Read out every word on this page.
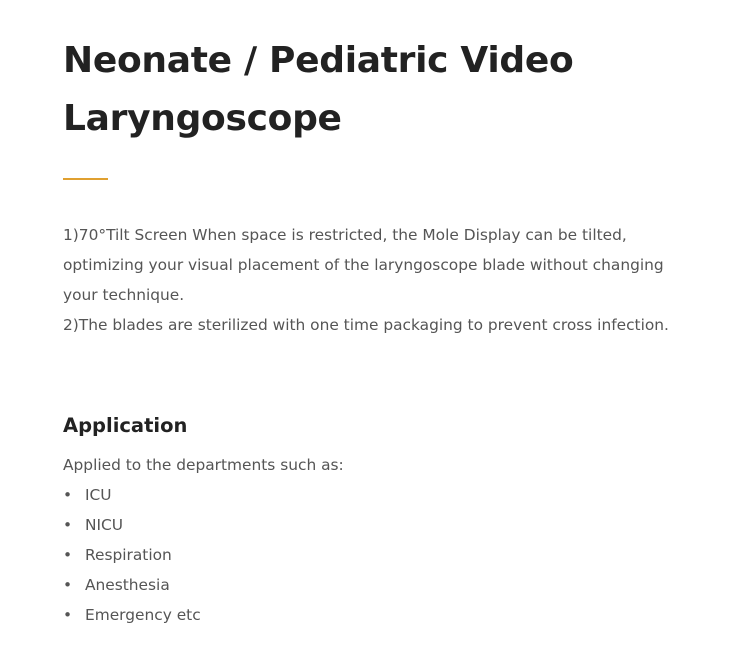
Neonate / Pediatric Video
Laryngoscope

1)70°Tilt Screen When space is restricted, the Mole Display can be tilted, optimizing your visual placement of the laryngoscope blade without changing your technique.

2)The blades are sterilized with one time packaging to prevent cross infection.

Application

Applied to the departments such as:

• ICU
• NICU
• Respiration
• Anesthesia
• Emergency etc
